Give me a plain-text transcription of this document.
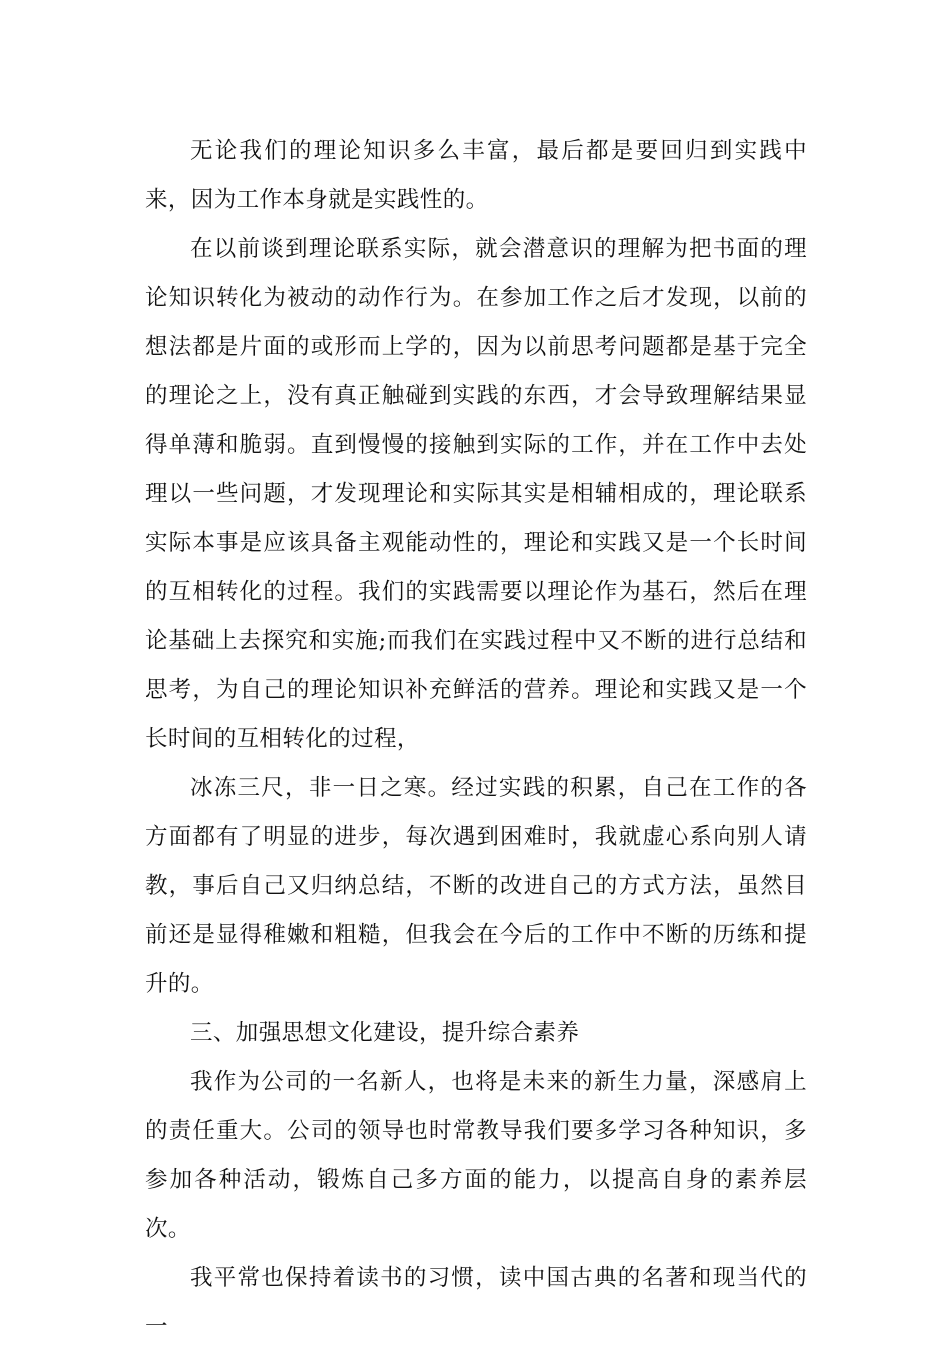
无论我们的理论知识多么丰富，最后都是要回归到实践中来，因为工作本身就是实践性的。

在以前谈到理论联系实际，就会潜意识的理解为把书面的理论知识转化为被动的动作行为。在参加工作之后才发现，以前的想法都是片面的或形而上学的，因为以前思考问题都是基于完全的理论之上，没有真正触碰到实践的东西，才会导致理解结果显得单薄和脆弱。直到慢慢的接触到实际的工作，并在工作中去处理以一些问题，才发现理论和实际其实是相辅相成的，理论联系实际本事是应该具备主观能动性的，理论和实践又是一个长时间的互相转化的过程。我们的实践需要以理论作为基石，然后在理论基础上去探究和实施;而我们在实践过程中又不断的进行总结和思考，为自己的理论知识补充鲜活的营养。理论和实践又是一个长时间的互相转化的过程，

冰冻三尺，非一日之寒。经过实践的积累，自己在工作的各方面都有了明显的进步，每次遇到困难时，我就虚心系向别人请教，事后自己又归纳总结，不断的改进自己的方式方法，虽然目前还是显得稚嫩和粗糙，但我会在今后的工作中不断的历练和提升的。

三、加强思想文化建设，提升综合素养

我作为公司的一名新人，也将是未来的新生力量，深感肩上的责任重大。公司的领导也时常教导我们要多学习各种知识，多参加各种活动，锻炼自己多方面的能力，以提高自身的素养层次。

我平常也保持着读书的习惯，读中国古典的名著和现当代的一
